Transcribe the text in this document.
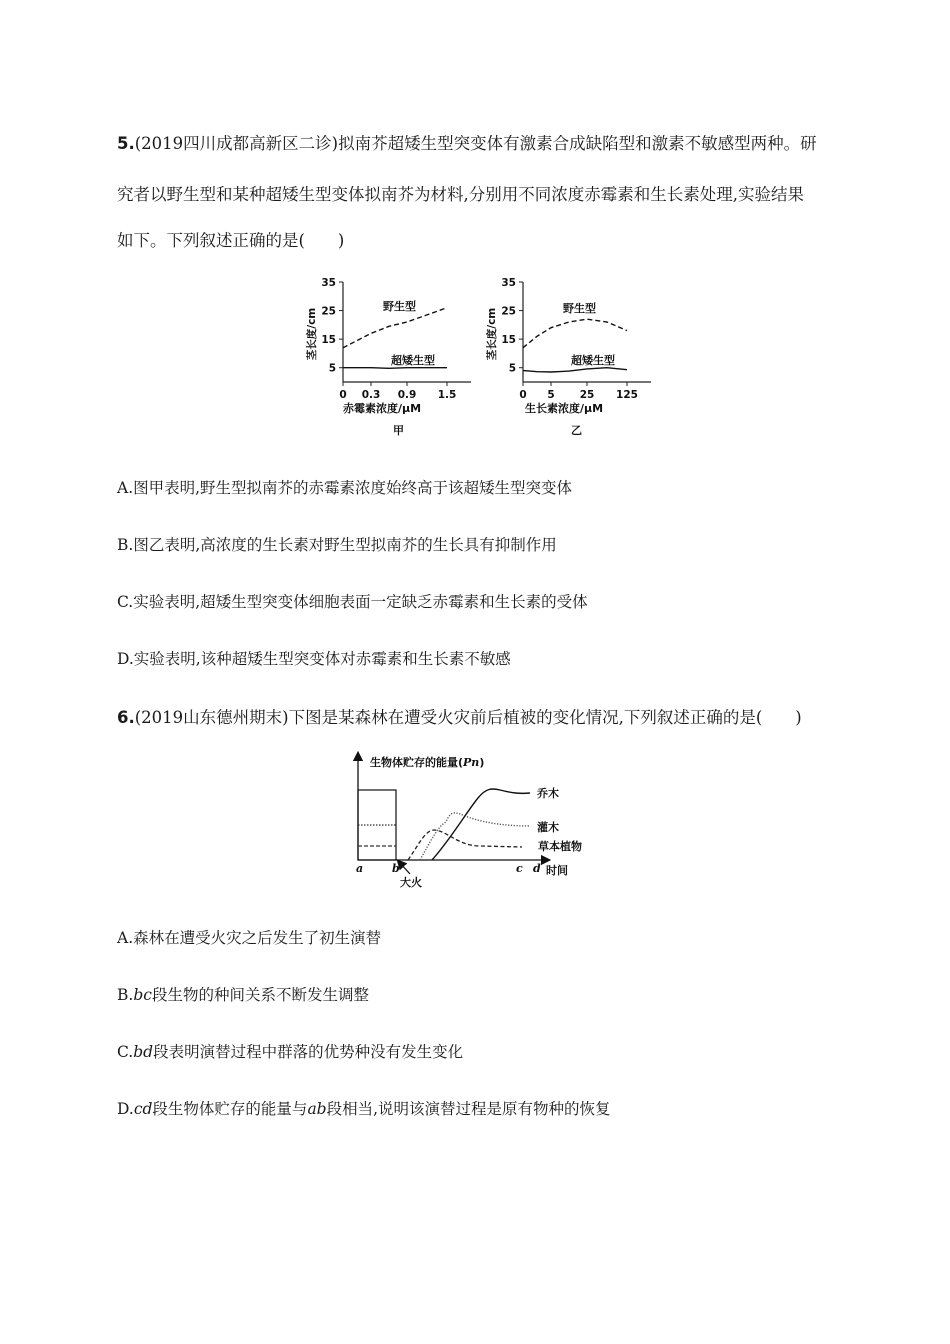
5.(2019四川成都高新区二诊)拟南芥超矮生型突变体有激素合成缺陷型和激素不敏感型两种。研
究者以野生型和某种超矮生型变体拟南芥为材料,分别用不同浓度赤霉素和生长素处理,实验结果
如下。下列叙述正确的是(　　)
茎长度/cm
5
15
25
35
0 0.3 0.9 1.5
赤霉素浓度/μM
甲
野生型
超矮生型
茎长度/cm
5
15
25
35
0 5 25 125
生长素浓度/μM
乙
野生型
超矮生型
A.图甲表明,野生型拟南芥的赤霉素浓度始终高于该超矮生型突变体
B.图乙表明,高浓度的生长素对野生型拟南芥的生长具有抑制作用
C.实验表明,超矮生型突变体细胞表面一定缺乏赤霉素和生长素的受体
D.实验表明,该种超矮生型突变体对赤霉素和生长素不敏感
6.(2019山东德州期末)下图是某森林在遭受火灾前后植被的变化情况,下列叙述正确的是(　　)
生物体贮存的能量(Pn)
乔木
灌木
草本植物
a	b	c d 时间
大火
A.森林在遭受火灾之后发生了初生演替
B.bc段生物的种间关系不断发生调整
C.bd段表明演替过程中群落的优势种没有发生变化
D.cd段生物体贮存的能量与ab段相当,说明该演替过程是原有物种的恢复
